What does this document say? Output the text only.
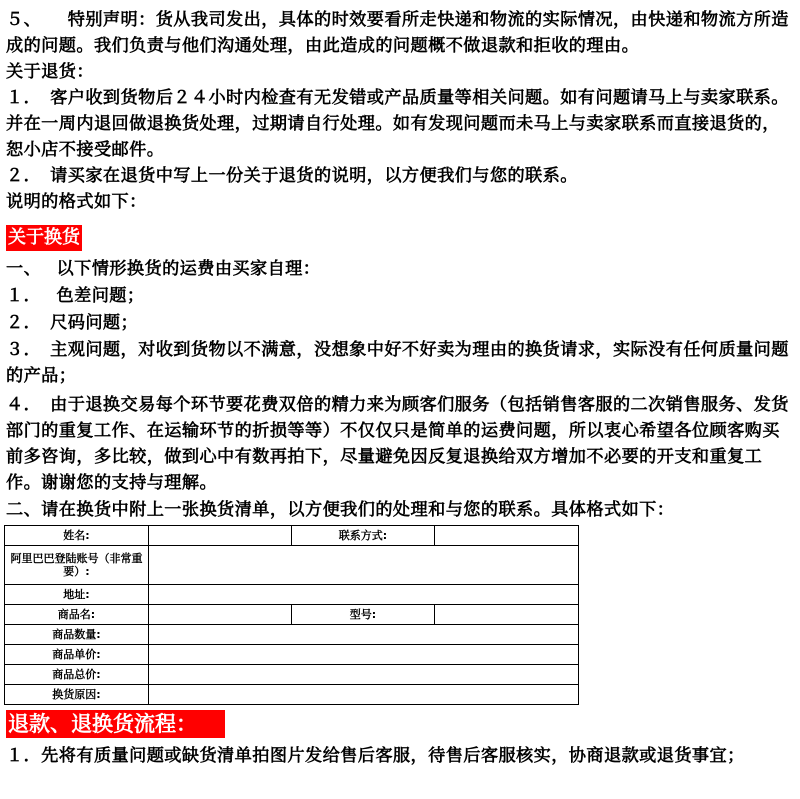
５、　　特别声明：货从我司发出，具体的时效要看所走快递和物流的实际情况，由快递和物流方所造成的问题。我们负责与他们沟通处理，由此造成的问题概不做退款和拒收的理由。
关于退货：
１．　客户收到货物后２４小时内检查有无发错或产品质量等相关问题。如有问题请马上与卖家联系。并在一周内退回做退换货处理，过期请自行处理。如有发现问题而未马上与卖家联系而直接退货的，恕小店不接受邮件。
２．　请买家在退货中写上一份关于退货的说明，以方便我们与您的联系。
说明的格式如下：
关于换货
一、　 以下情形换货的运费由买家自理：
１．　 色差问题；
２．　尺码问题；
３．　主观问题，对收到货物以不满意，没想象中好不好卖为理由的换货请求，实际没有任何质量问题的产品；
４．　由于退换交易每个环节要花费双倍的精力来为顾客们服务（包括销售客服的二次销售服务、发货部门的重复工作、在运输环节的折损等等）不仅仅只是简单的运费问题，所以衷心希望各位顾客购买前多咨询，多比较，做到心中有数再拍下，尽量避免因反复退换给双方增加不必要的开支和重复工作。谢谢您的支持与理解。
二、请在换货中附上一张换货清单，以方便我们的处理和与您的联系。具体格式如下：
姓名:		联系方式:	
阿里巴巴登陆账号（非常重要）:			
地址:			
商品名:		型号:	
商品数量:			
商品单价:			
商品总价:			
换货原因:			
退款、退换货流程：
１．先将有质量问题或缺货清单拍图片发给售后客服，待售后客服核实，协商退款或退货事宜；
